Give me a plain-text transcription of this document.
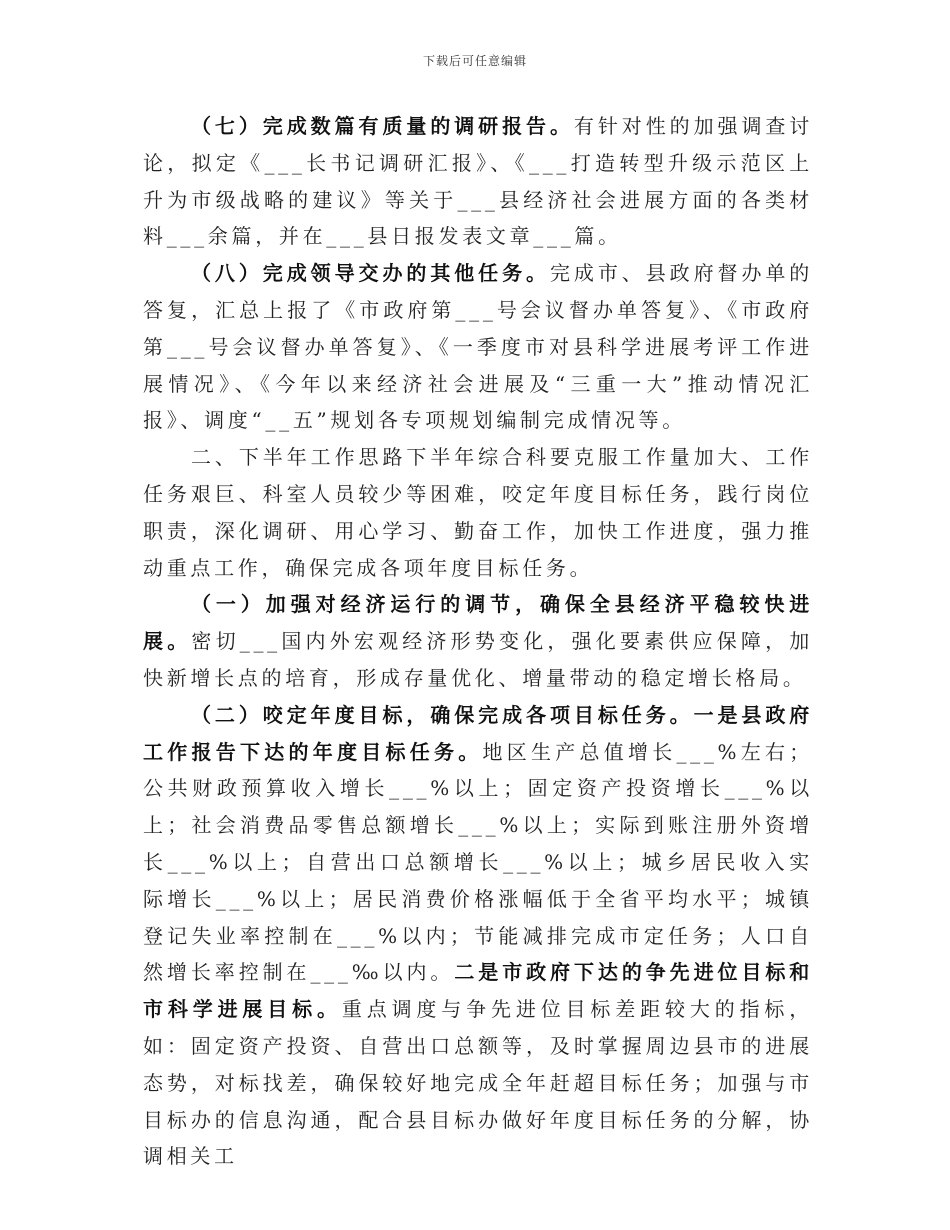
下载后可任意编辑

（七）完成数篇有质量的调研报告。有针对性的加强调查讨论，拟定《___长书记调研汇报》、《___打造转型升级示范区上升为市级战略的建议》等关于___县经济社会进展方面的各类材料___余篇，并在___县日报发表文章___篇。

（八）完成领导交办的其他任务。完成市、县政府督办单的答复，汇总上报了《市政府第___号会议督办单答复》、《市政府第___号会议督办单答复》、《一季度市对县科学进展考评工作进展情况》、《今年以来经济社会进展及“三重一大”推动情况汇报》、调度“__五”规划各专项规划编制完成情况等。

二、下半年工作思路下半年综合科要克服工作量加大、工作任务艰巨、科室人员较少等困难，咬定年度目标任务，践行岗位职责，深化调研、用心学习、勤奋工作，加快工作进度，强力推动重点工作，确保完成各项年度目标任务。

（一）加强对经济运行的调节，确保全县经济平稳较快进展。密切___国内外宏观经济形势变化，强化要素供应保障，加快新增长点的培育，形成存量优化、增量带动的稳定增长格局。

（二）咬定年度目标，确保完成各项目标任务。一是县政府工作报告下达的年度目标任务。地区生产总值增长___%左右；公共财政预算收入增长___%以上；固定资产投资增长___%以上；社会消费品零售总额增长___%以上；实际到账注册外资增长___%以上；自营出口总额增长___%以上；城乡居民收入实际增长___%以上；居民消费价格涨幅低于全省平均水平；城镇登记失业率控制在___%以内；节能减排完成市定任务；人口自然增长率控制在___‰以内。二是市政府下达的争先进位目标和市科学进展目标。重点调度与争先进位目标差距较大的指标，如：固定资产投资、自营出口总额等，及时掌握周边县市的进展态势，对标找差，确保较好地完成全年赶超目标任务；加强与市目标办的信息沟通，配合县目标办做好年度目标任务的分解，协调相关工
